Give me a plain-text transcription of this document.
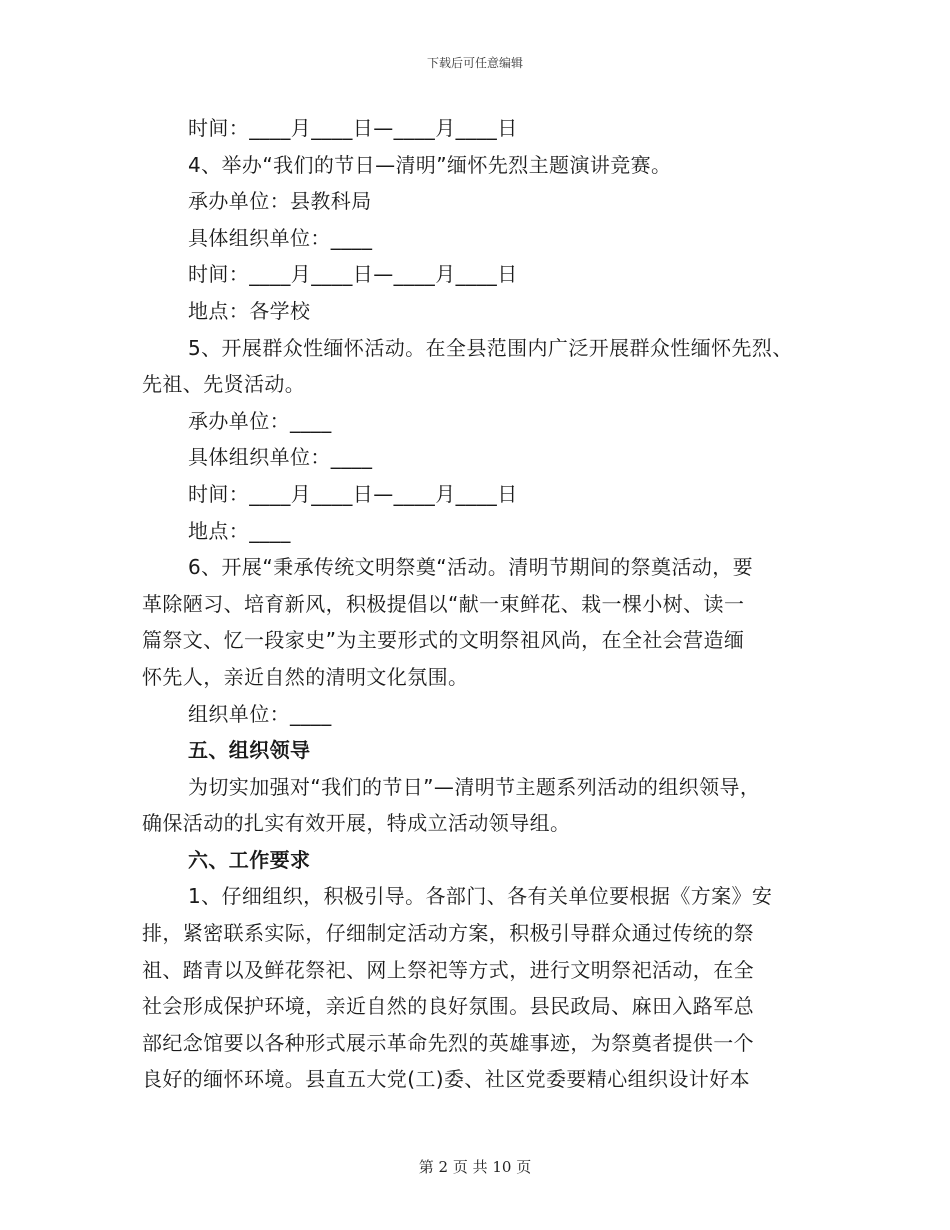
下载后可任意编辑
时间：____月____日—____月____日
4、举办“我们的节日—清明”缅怀先烈主题演讲竞赛。
承办单位：县教科局
具体组织单位：____
时间：____月____日—____月____日
地点：各学校
5、开展群众性缅怀活动。在全县范围内广泛开展群众性缅怀先烈、
先祖、先贤活动。
承办单位：____
具体组织单位：____
时间：____月____日—____月____日
地点：____
6、开展“秉承传统文明祭奠“活动。清明节期间的祭奠活动，要
革除陋习、培育新风，积极提倡以“献一束鲜花、栽一棵小树、读一
篇祭文、忆一段家史”为主要形式的文明祭祖风尚，在全社会营造缅
怀先人，亲近自然的清明文化氛围。
组织单位：____
五、组织领导
为切实加强对“我们的节日”—清明节主题系列活动的组织领导，
确保活动的扎实有效开展，特成立活动领导组。
六、工作要求
1、仔细组织，积极引导。各部门、各有关单位要根据《方案》安
排，紧密联系实际，仔细制定活动方案，积极引导群众通过传统的祭
祖、踏青以及鲜花祭祀、网上祭祀等方式，进行文明祭祀活动，在全
社会形成保护环境，亲近自然的良好氛围。县民政局、麻田入路军总
部纪念馆要以各种形式展示革命先烈的英雄事迹，为祭奠者提供一个
良好的缅怀环境。县直五大党(工)委、社区党委要精心组织设计好本
第 2 页 共 10 页
